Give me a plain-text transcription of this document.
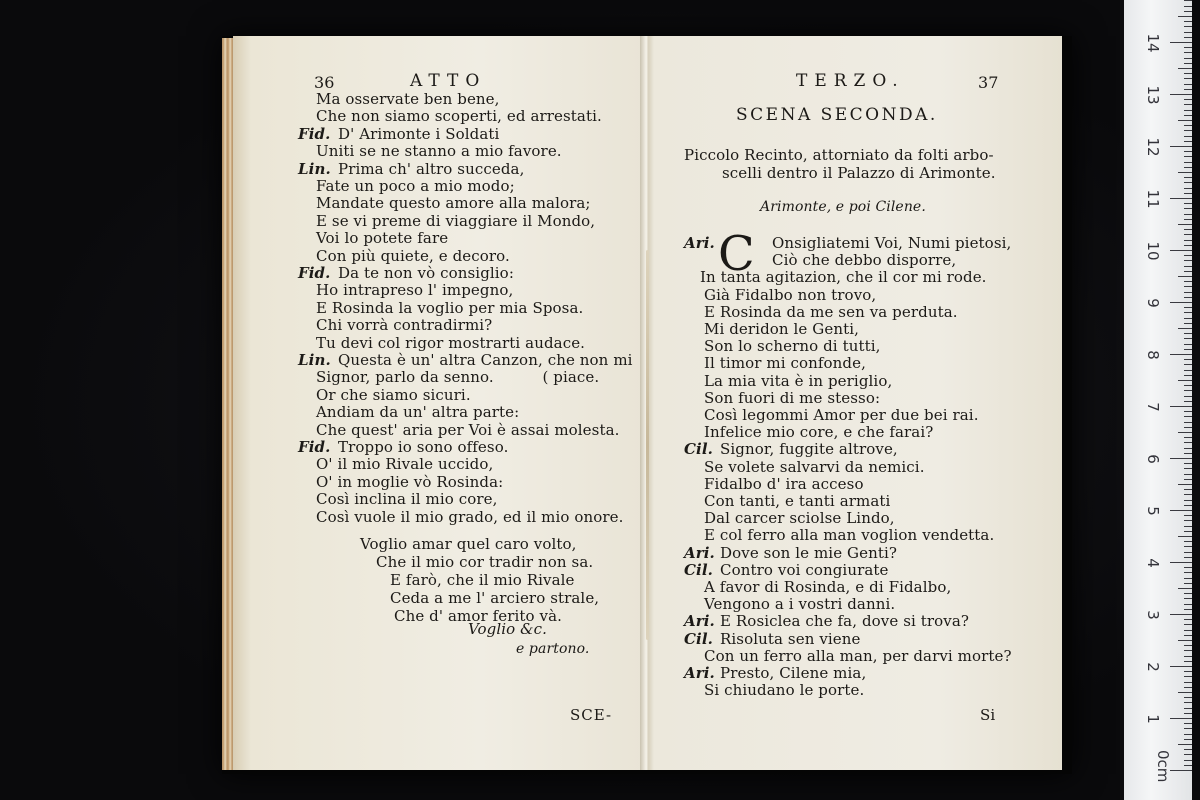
36	ATTO
Ma osservate ben bene,
Che non siamo scoperti, ed arrestati.
Fid. D' Arimonte i Soldati
Uniti se ne stanno a mio favore.
Lin. Prima ch' altro succeda,
Fate un poco a mio modo;
Mandate questo amore alla malora;
E se vi preme di viaggiare il Mondo,
Voi lo potete fare
Con più quiete, e decoro.
Fid. Da te non vò consiglio:
Ho intrapreso l' impegno,
E Rosinda la voglio per mia Sposa.
Chi vorrà contradirmi?
Tu devi col rigor mostrarti audace.
Lin. Questa è un' altra Canzon, che non mi
Signor, parlo da senno.          ( piace.
Or che siamo sicuri.
Andiam da un' altra parte:
Che quest' aria per Voi è assai molesta.
Fid. Troppo io sono offeso.
O' il mio Rivale uccido,
O' in moglie vò Rosinda:
Così inclina il mio core,
Così vuole il mio grado, ed il mio onore.
Voglio amar quel caro volto,
Che il mio cor tradir non sa.
E farò, che il mio Rivale
Ceda a me l' arciero strale,
Che d' amor ferito và.
Voglio &c.
e partono.
SCE-
TERZO.	37
SCENA SECONDA.
Piccolo Recinto, attorniato da folti arbo-
scelli dentro il Palazzo di Arimonte.
Arimonte, e poi Cilene.
C
Ari.	Onsigliatemi Voi, Numi pietosi,
Ciò che debbo disporre,
In tanta agitazion, che il cor mi rode.
Già Fidalbo non trovo,
E Rosinda da me sen va perduta.
Mi deridon le Genti,
Son lo scherno di tutti,
Il timor mi confonde,
La mia vita è in periglio,
Son fuori di me stesso:
Così legommi Amor per due bei rai.
Infelice mio core, e che farai?
Cil. Signor, fuggite altrove,
Se volete salvarvi da nemici.
Fidalbo d' ira acceso
Con tanti, e tanti armati
Dal carcer sciolse Lindo,
E col ferro alla man voglion vendetta.
Ari. Dove son le mie Genti?
Cil. Contro voi congiurate
A favor di Rosinda, e di Fidalbo,
Vengono a i vostri danni.
Ari. E Rosiclea che fa, dove si trova?
Cil. Risoluta sen viene
Con un ferro alla man, per darvi morte?
Ari. Presto, Cilene mia,
Si chiudano le porte.
Si
0cm
1
2
3
4
5
6
7
8
9
10
11
12
13
14
